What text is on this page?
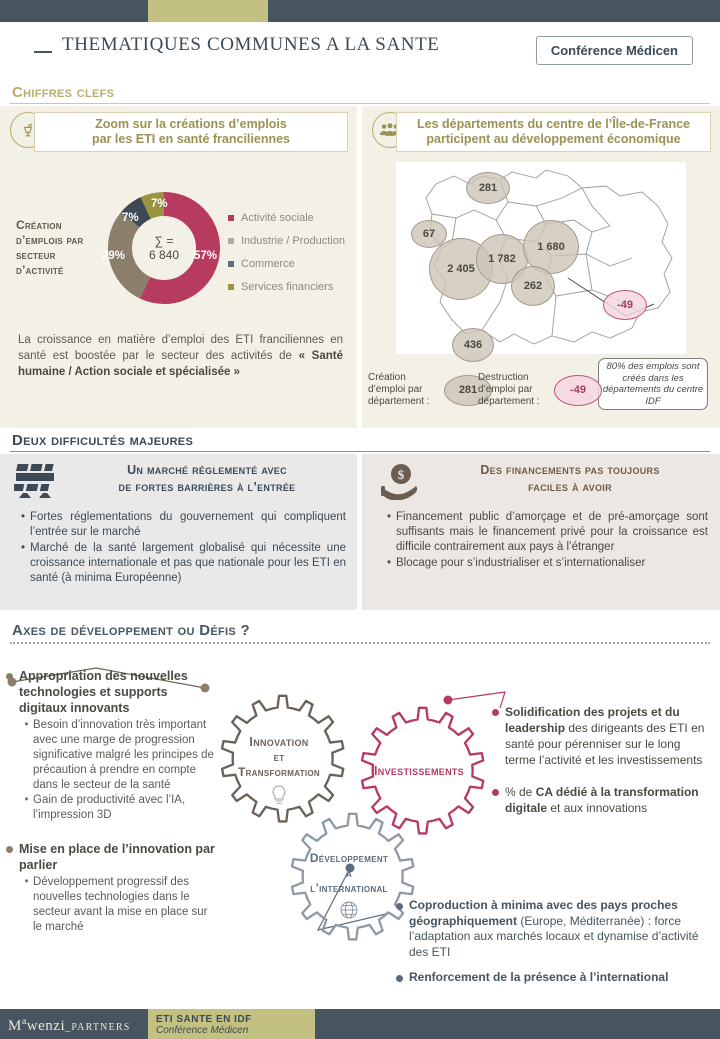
THEMATIQUES COMMUNES A LA SANTE	Conférence Médicen
Chiffres clefs
Zoom sur la créations d’emplois
par les ETI en santé franciliennes
Création d’emplois par secteur d’activité
∑ =
6 840 57%
29%
7%
7%
Activité sociale
Industrie / Production
Commerce
Services financiers
La croissance en matière d’emploi des ETI franciliennes en santé est boostée par le secteur des activités de « Santé humaine / Action sociale et spécialisée »
Les départements du centre de l’Île-de-France
participent au développement économique
281
67
2 405
1 782
1 680
262
436
-49
80% des emplois sont créés dans les départements du centre IDF
Création d’emploi par département :
281
Destruction d’emploi par département :
-49
Deux difficultés majeures
Un marché réglementé avec
de fortes barrières à l’entrée
• Fortes réglementations du gouvernement qui compliquent l’entrée sur le marché
• Marché de la santé largement globalisé qui nécessite une croissance internationale et pas que nationale pour les ETI en santé (à minima Européenne)
$	Des financements pas toujours
faciles à avoir
• Financement public d’amorçage et de pré-amorçage sont suffisants mais le financement privé pour la croissance est difficile contrairement aux pays à l’étranger
• Blocage pour s’industrialiser et s’internationaliser
Axes de développement ou Défis ?
Innovation
et
Transformation	Investissements
Développement
à
l’international
Appropriation des nouvelles technologies et supports digitaux innovants
• Besoin d’innovation très important avec une marge de progression significative malgré les principes de précaution à prendre en compte dans le secteur de la santé
• Gain de productivité avec l’IA, l’impression 3D
Mise en place de l’innovation par parlier
• Développement progressif des nouvelles technologies dans le secteur avant la mise en place sur le marché
Solidification des projets et du leadership des dirigeants des ETI en santé pour pérenniser sur le long terme l’activité et les investissements
% de CA dédié à la transformation digitale et aux innovations
Coproduction à minima avec des pays proches géographiquement (Europe, Méditerranée) : force l’adaptation aux marchés locaux et dynamise d’activité des ETI
Renforcement de la présence à l’international
$M^awenzi\_PARTNERS$
ETI SANTE EN IDF
Conférence Médicen
